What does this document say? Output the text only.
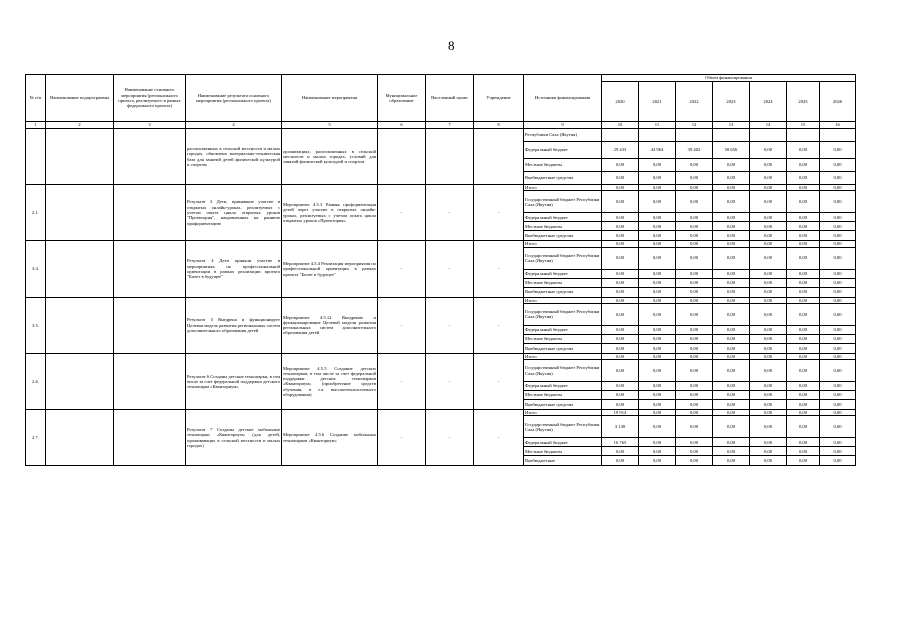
8
№ п/п	Наименование подпрограммы	Наименование основного мероприятия (регионального проекта, реализуемого в рамках федерального проекта)	Наименование результата основного мероприятия (регионального проекта)	Наименование мероприятия	Муниципальное образование	Населенный пункт	Учреждение	Источники финансирования	Объем финансирования						
									2020	2021	2022	2023	2024	2025	2026
1	2	3	4	5	6	7	8	9	10	11	12	13	14	15	16
			расположенных в сельской местности и малых городах, обновлена материально-техническая база для занятий детей физической культурой и спортом	организациях, расположенных в сельской местности и малых городах, условий для занятий физической культурой и спортом				Республики Саха (Якутия)							
								Федеральный бюджет	29 433	44 964	39 402	58 656	0,00	0,00	0,00
								Местные бюджеты	0,00	0,00	0,00	0,00	0,00	0,00	0,00
								Внебюджетные средства	0,00	0,00	0,00	0,00	0,00	0,00	0,00
2.1.			Результат 3 Дети, принявшие участие в открытых онлайн-уроках, реализуемых с учетом опыта цикла открытых уроков "Проектория", направленных на раннюю профориентацию	Мероприятие 4.5.3 Ранняя профориентация детей через участие в открытых онлайн-уроках, реализуемых с учетом опыта цикла открытых уроков «Проектория»	-	-	-	Итого	0,00	0,00	0,00	0,00	0,00	0,00	0,00
								Государственный бюджет Республики Саха (Якутия)	0,00	0,00	0,00	0,00	0,00	0,00	0,00
								Федеральный бюджет	0,00	0,00	0,00	0,00	0,00	0,00	0,00
								Местные бюджеты	0,00	0,00	0,00	0,00	0,00	0,00	0,00
								Внебюджетные средства	0,00	0,00	0,00	0,00	0,00	0,00	0,00
3.4.			Результат 4 Дети приняли участие в мероприятиях по профессиональной ориентации в рамках реализации проекта "Билет в будущее"	Мероприятие 4.5.4 Реализация мероприятия по профессиональной ориентации в рамках проекта "Билет в будущее"	-	-	-	Итого	0,00	0,00	0,00	0,00	0,00	0,00	0,00
								Государственный бюджет Республики Саха (Якутия)	0,00	0,00	0,00	0,00	0,00	0,00	0,00
								Федеральный бюджет	0,00	0,00	0,00	0,00	0,00	0,00	0,00
								Местные бюджеты	0,00	0,00	0,00	0,00	0,00	0,00	0,00
								Внебюджетные средства	0,00	0,00	0,00	0,00	0,00	0,00	0,00
3.5.			Результат 5 Внедрена и функционирует Целевая модель развития региональных систем дополнительного образования детей	Мероприятие 4.5.12 Внедрение и функционирование Целевой модели развития региональных систем дополнительного образования детей	-	-	-	Итого	0,00	0,00	0,00	0,00	0,00	0,00	0,00
								Государственный бюджет Республики Саха (Якутия)	0,00	0,00	0,00	0,00	0,00	0,00	0,00
								Федеральный бюджет	0,00	0,00	0,00	0,00	0,00	0,00	0,00
								Местные бюджеты	0,00	0,00	0,00	0,00	0,00	0,00	0,00
								Внебюджетные средства	0,00	0,00	0,00	0,00	0,00	0,00	0,00
2.6.			Результат 6 Созданы детские технопарки, в том числе за счет федеральной поддержки детского технопарка «Кванториум»	Мероприятие 4.5.5 Создание детских технопарков, в том числе за счет федеральной поддержки детских технопарков «Кванториум» (приобретение средств обучения, в т.ч. высокотехнологичного оборудования)	-	-	-	Итого	0,00	0,00	0,00	0,00	0,00	0,00	0,00
								Государственный бюджет Республики Саха (Якутия)	0,00	0,00	0,00	0,00	0,00	0,00	0,00
								Федеральный бюджет	0,00	0,00	0,00	0,00	0,00	0,00	0,00
								Местные бюджеты	0,00	0,00	0,00	0,00	0,00	0,00	0,00
								Внебюджетные средства	0,00	0,00	0,00	0,00	0,00	0,00	0,00
2.7.			Результат 7 Созданы детские мобильные технопарки «Кванториум» (для детей, проживающих в сельской местности и малых городах)	Мероприятие 4.5.6 Создание мобильных технопарков «Кванториум»	-	-	-	Итого	19 914	0,00	0,00	0,00	0,00	0,00	0,00
								Государственный бюджет Республики Саха (Якутия)	3 149	0,00	0,00	0,00	0,00	0,00	0,00
								Федеральный бюджет	16 765	0,00	0,00	0,00	0,00	0,00	0,00
								Местные бюджеты	0,00	0,00	0,00	0,00	0,00	0,00	0,00
								Внебюджетные	0,00	0,00	0,00	0,00	0,00	0,00	0,00
